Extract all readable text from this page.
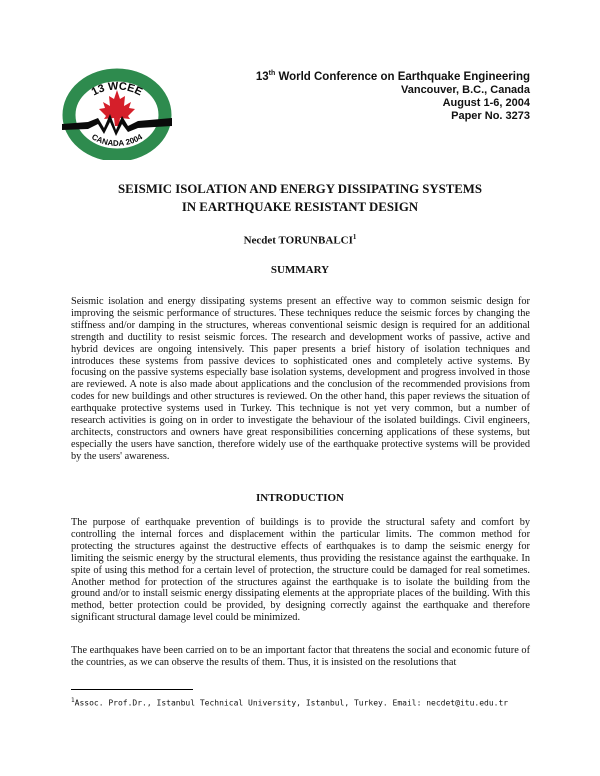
13 WCEE
CANADA 2004
13th World Conference on Earthquake Engineering
Vancouver, B.C., Canada
August 1-6, 2004
Paper No. 3273
SEISMIC ISOLATION AND ENERGY DISSIPATING SYSTEMS
IN EARTHQUAKE RESISTANT DESIGN
Necdet TORUNBALCI$^1$
SUMMARY

Seismic isolation and energy dissipating systems present an effective way to common seismic design for improving the seismic performance of structures. These techniques reduce the seismic forces by changing the stiffness and/or damping in the structures, whereas conventional seismic design is required for an additional strength and ductility to resist seismic forces. The research and development works of passive, active and hybrid devices are ongoing intensively. This paper presents a brief history of isolation techniques and introduces these systems from passive devices to sophisticated ones and completely active systems. By focusing on the passive systems especially base isolation systems, development and progress involved in those are reviewed. A note is also made about applications and the conclusion of the recommended provisions from codes for new buildings and other structures is reviewed. On the other hand, this paper reviews the situation of earthquake protective systems used in Turkey. This technique is not yet very common, but a number of research activities is going on in order to investigate the behaviour of the isolated buildings. Civil engineers, architects, constructors and owners have great responsibilities concerning applications of these systems, but especially the users have sanction, therefore widely use of the earthquake protective systems will be provided by the users' awareness.

INTRODUCTION

The purpose of earthquake prevention of buildings is to provide the structural safety and comfort by controlling the internal forces and displacement within the particular limits. The common method for protecting the structures against the destructive effects of earthquakes is to damp the seismic energy for limiting the seismic energy by the structural elements, thus providing the resistance against the earthquake. In spite of using this method for a certain level of protection, the structure could be damaged for real sometimes. Another method for protection of the structures against the earthquake is to isolate the building from the ground and/or to install seismic energy dissipating elements at the appropriate places of the building. With this method, better protection could be provided, by designing correctly against the earthquake and therefore significant structural damage level could be minimized.

The earthquakes have been carried on to be an important factor that threatens the social and economic future of the countries, as we can observe the results of them. Thus, it is insisted on the resolutions that

$^1$Assoc. Prof.Dr., Istanbul Technical University, Istanbul, Turkey. Email: necdet@itu.edu.tr
